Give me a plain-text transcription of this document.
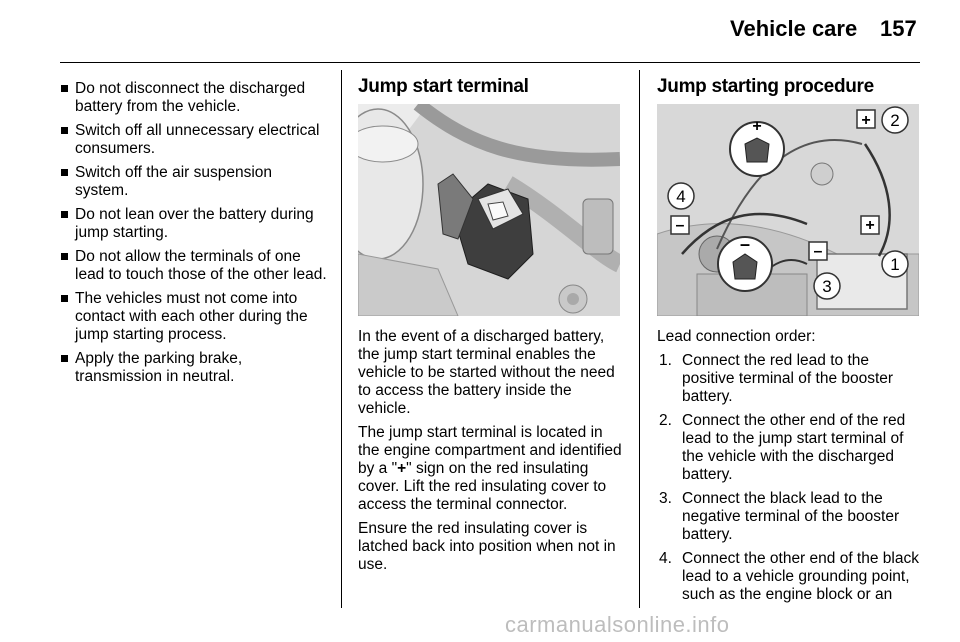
Vehicle care 157
Do not disconnect the discharged battery from the vehicle.
Switch off all unnecessary electrical consumers.
Switch off the air suspension system.
Do not lean over the battery during jump starting.
Do not allow the terminals of one lead to touch those of the other lead.
The vehicles must not come into contact with each other during the jump starting process.
Apply the parking brake, transmission in neutral.
Jump start terminal

In the event of a discharged battery, the jump start terminal enables the vehicle to be started without the need to access the battery inside the vehicle.

The jump start terminal is located in the engine compartment and identified by a "+" sign on the red insulating cover. Lift the red insulating cover to access the terminal connector.

Ensure the red insulating cover is latched back into position when not in use.

Jump starting procedure
+
–
+ 2
4
–	+
–
1
3

Lead connection order:

1. Connect the red lead to the positive terminal of the booster battery.
2. Connect the other end of the red lead to the jump start terminal of the vehicle with the discharged battery.
3. Connect the black lead to the negative terminal of the booster battery.
4. Connect the other end of the black lead to a vehicle grounding point, such as the engine block or an
carmanualsonline.info
